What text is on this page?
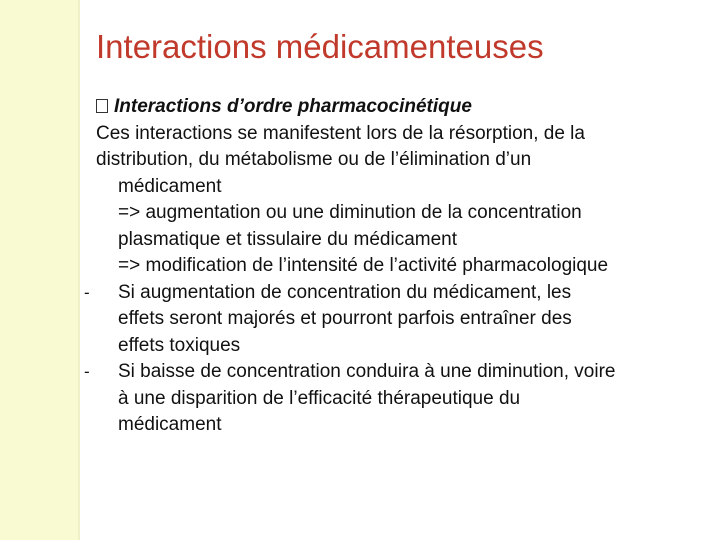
Interactions médicamenteuses
Interactions d’ordre pharmacocinétique
Ces interactions se manifestent lors de la résorption, de la
distribution, du métabolisme ou de l’élimination d’un
médicament
=> augmentation ou une diminution de la concentration
plasmatique et tissulaire du médicament
=> modification de l’intensité de l’activité pharmacologique
- Si augmentation de concentration du médicament, les
effets seront majorés et pourront parfois entraîner des
effets toxiques
- Si baisse de concentration conduira à une diminution, voire
à une disparition de l’efficacité thérapeutique du
médicament
